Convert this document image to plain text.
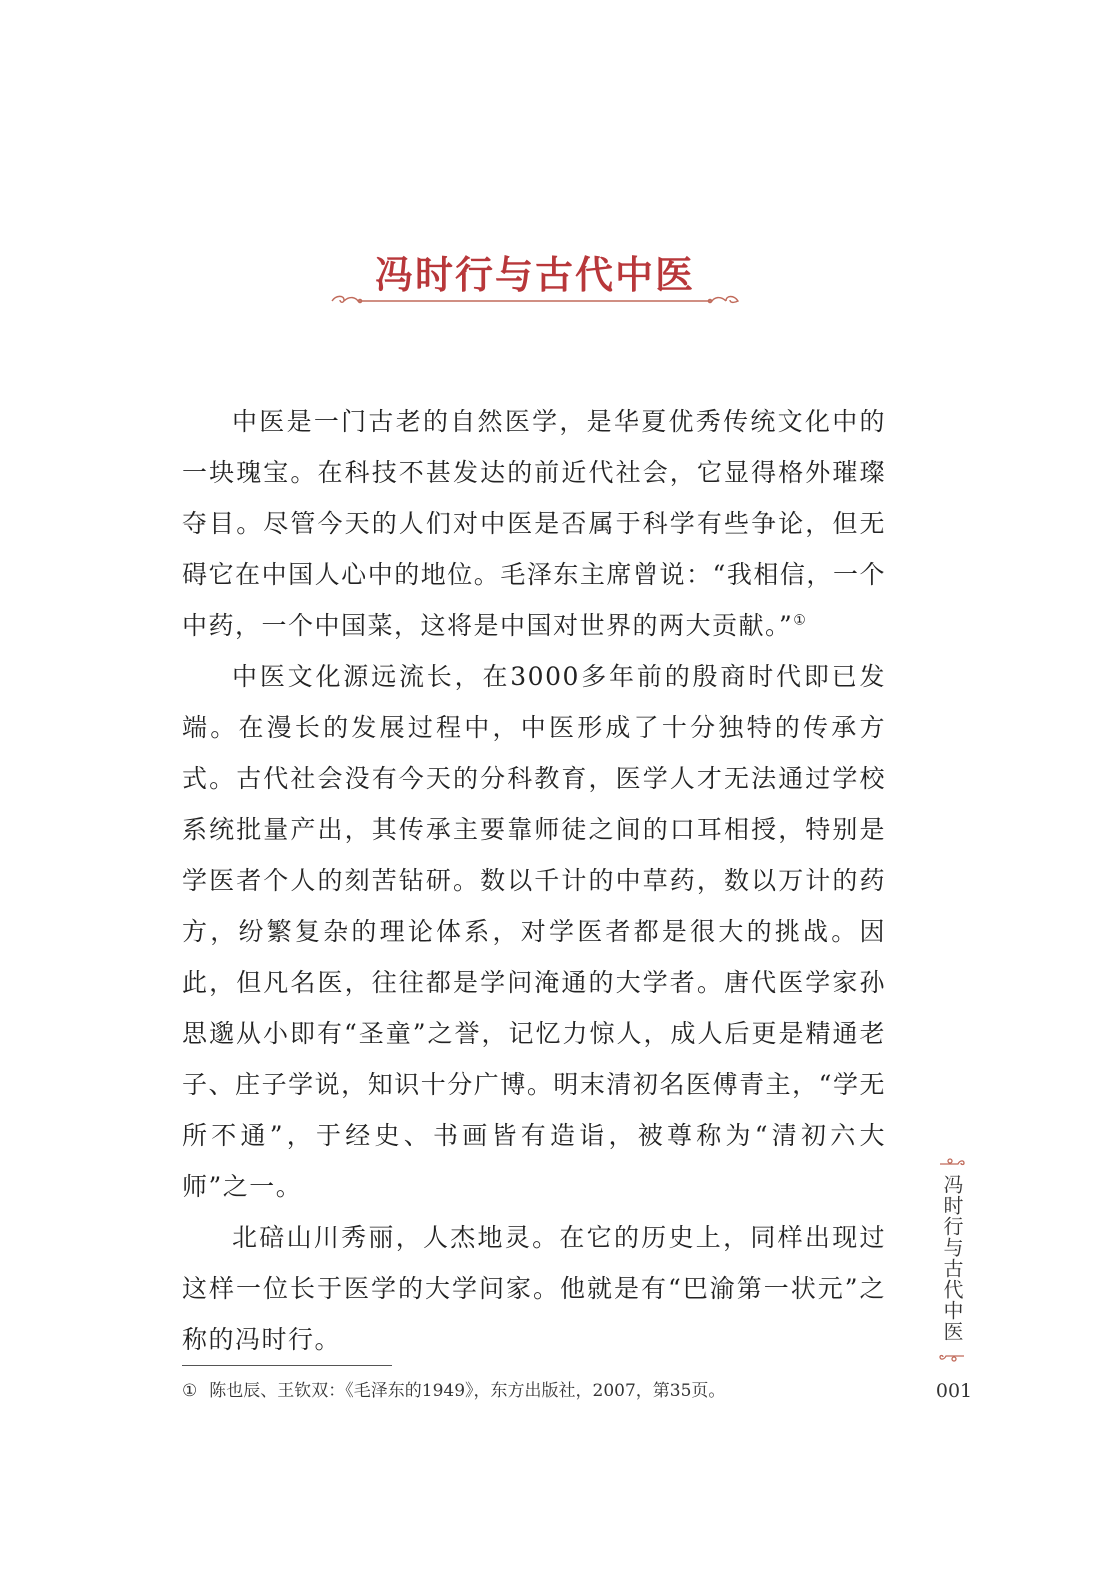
冯时行与古代中医

中医是一门古老的自然医学，是华夏优秀传统文化中的一块瑰宝。在科技不甚发达的前近代社会，它显得格外璀璨夺目。尽管今天的人们对中医是否属于科学有些争论，但无碍它在中国人心中的地位。毛泽东主席曾说：“我相信，一个中药，一个中国菜，这将是中国对世界的两大贡献。”①

中医文化源远流长，在3000多年前的殷商时代即已发端。在漫长的发展过程中，中医形成了十分独特的传承方式。古代社会没有今天的分科教育，医学人才无法通过学校系统批量产出，其传承主要靠师徒之间的口耳相授，特别是学医者个人的刻苦钻研。数以千计的中草药，数以万计的药方，纷繁复杂的理论体系，对学医者都是很大的挑战。因此，但凡名医，往往都是学问淹通的大学者。唐代医学家孙思邈从小即有“圣童”之誉，记忆力惊人，成人后更是精通老子、庄子学说，知识十分广博。明末清初名医傅青主，“学无所不通”，于经史、书画皆有造诣，被尊称为“清初六大师”之一。

北碚山川秀丽，人杰地灵。在它的历史上，同样出现过这样一位长于医学的大学问家。他就是有“巴渝第一状元”之称的冯时行。

① 陈也辰、王钦双：《毛泽东的1949》，东方出版社，2007，第35页。
冯时行与古代中医
001
